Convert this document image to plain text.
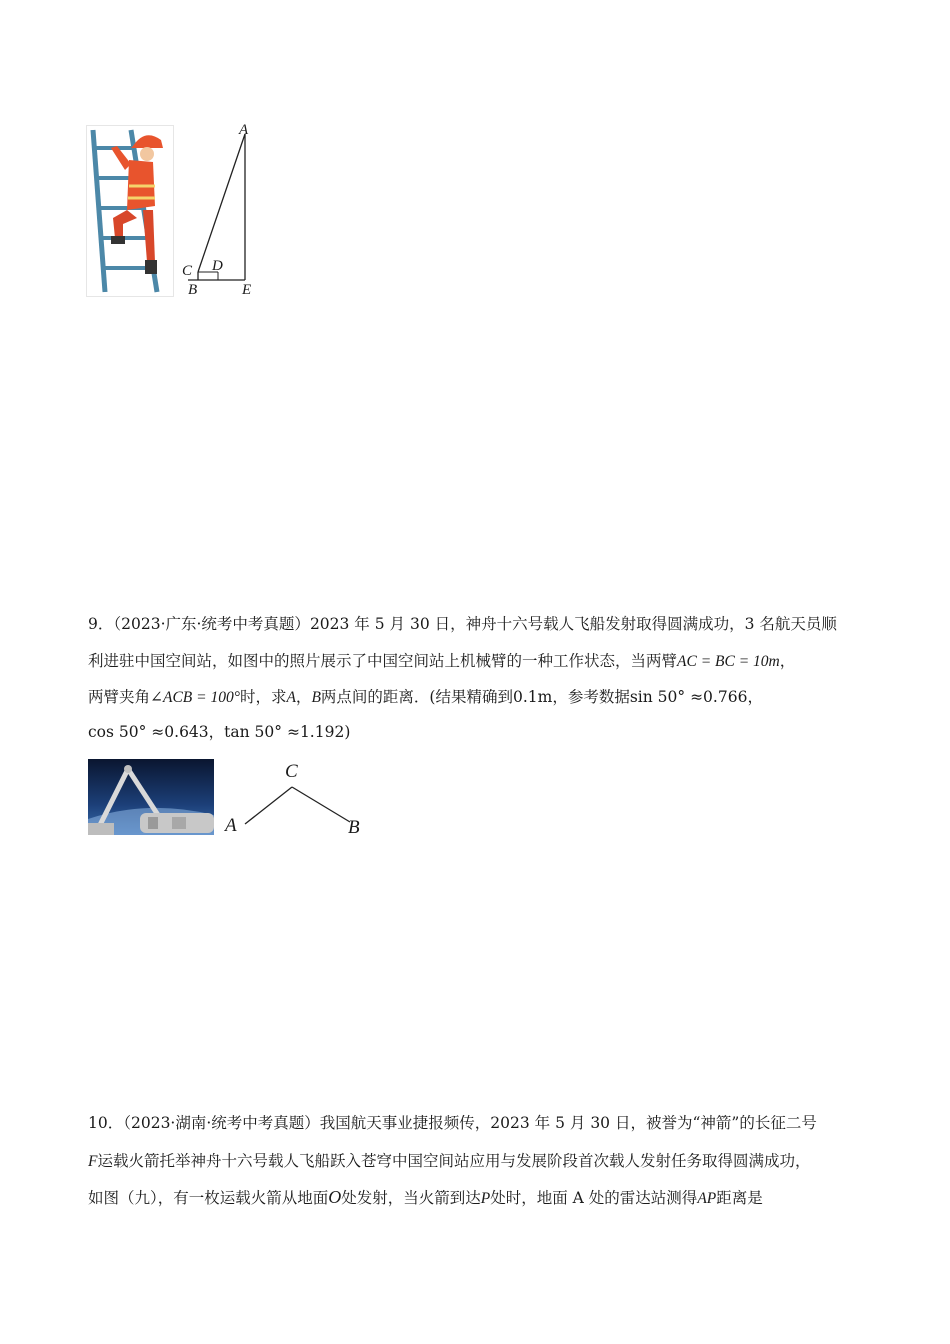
A
C D
B	E
9．（2023·广东·统考中考真题）2023 年 5 月 30 日，神舟十六号载人飞船发射取得圆满成功，3 名航天员顺
利进驻中国空间站，如图中的照片展示了中国空间站上机械臂的一种工作状态，当两臂AC = BC = 10m，
两臂夹角∠ACB = 100°时，求A，B两点间的距离．(结果精确到0.1m，参考数据sin 50° ≈0.766，
cos 50° ≈0.643，tan 50° ≈1.192)
C
A	B
10．（2023·湖南·统考中考真题）我国航天事业捷报频传，2023 年 5 月 30 日，被誉为“神箭”的长征二号
F运载火箭托举神舟十六号载人飞船跃入苍穹中国空间站应用与发展阶段首次载人发射任务取得圆满成功，
如图（九），有一枚运载火箭从地面O处发射，当火箭到达P处时，地面 A 处的雷达站测得AP距离是
